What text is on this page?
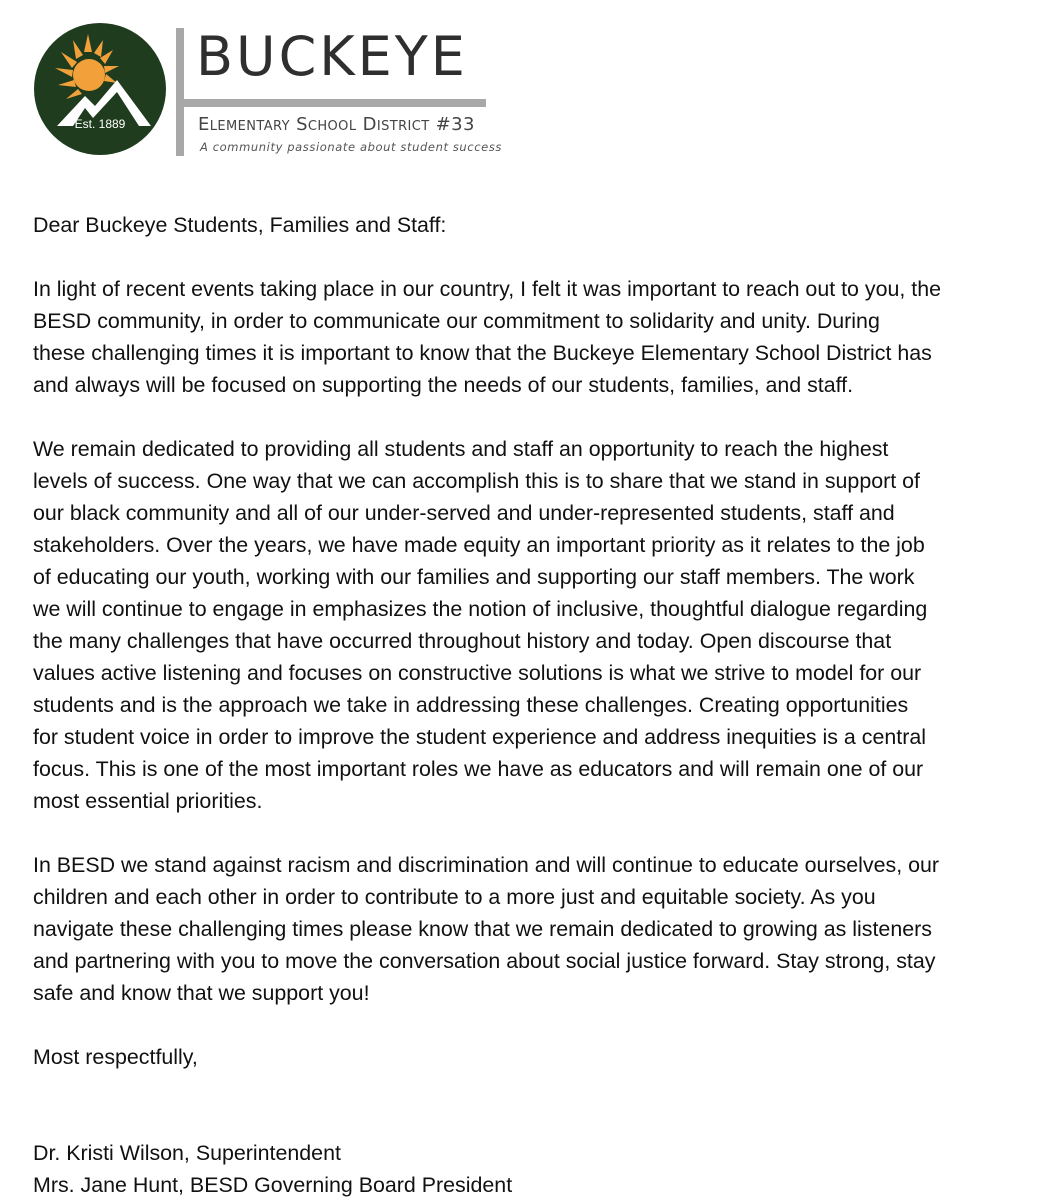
Est. 1889
BUCKEYE
Elementary School District #33
A community passionate about student success

Dear Buckeye Students, Families and Staff:

In light of recent events taking place in our country, I felt it was important to reach out to you, the
BESD community, in order to communicate our commitment to solidarity and unity. During
these challenging times it is important to know that the Buckeye Elementary School District has
and always will be focused on supporting the needs of our students, families, and staff.

We remain dedicated to providing all students and staff an opportunity to reach the highest
levels of success. One way that we can accomplish this is to share that we stand in support of
our black community and all of our under-served and under-represented students, staff and
stakeholders. Over the years, we have made equity an important priority as it relates to the job
of educating our youth, working with our families and supporting our staff members. The work
we will continue to engage in emphasizes the notion of inclusive, thoughtful dialogue regarding
the many challenges that have occurred throughout history and today. Open discourse that
values active listening and focuses on constructive solutions is what we strive to model for our
students and is the approach we take in addressing these challenges. Creating opportunities
for student voice in order to improve the student experience and address inequities is a central
focus. This is one of the most important roles we have as educators and will remain one of our
most essential priorities.

In BESD we stand against racism and discrimination and will continue to educate ourselves, our
children and each other in order to contribute to a more just and equitable society. As you
navigate these challenging times please know that we remain dedicated to growing as listeners
and partnering with you to move the conversation about social justice forward. Stay strong, stay
safe and know that we support you!

Most respectfully,

Dr. Kristi Wilson, Superintendent
Mrs. Jane Hunt, BESD Governing Board President
